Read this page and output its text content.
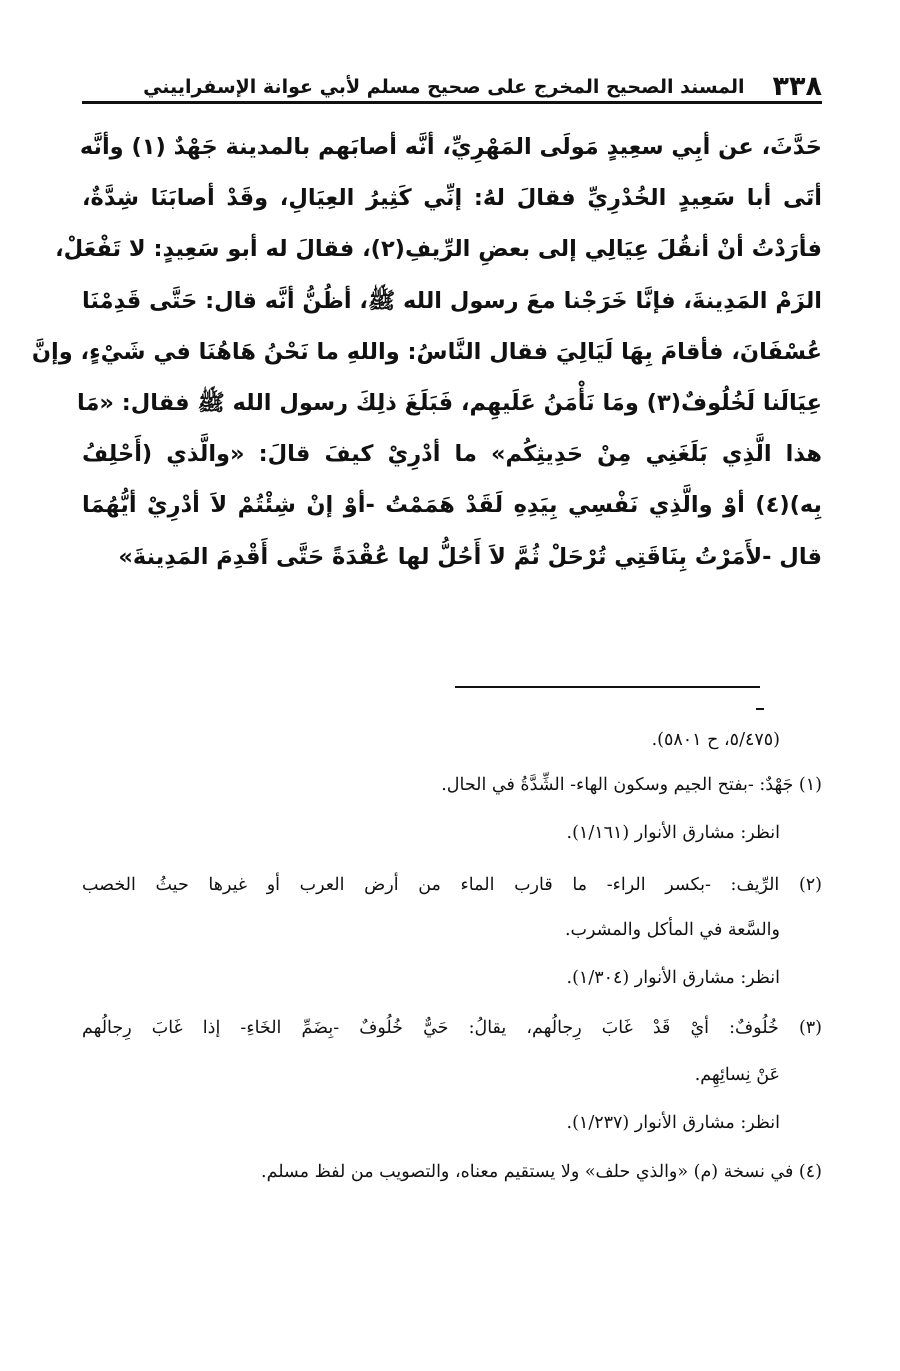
٣٣٨
المسند الصحيح المخرج على صحيح مسلم لأبي عوانة الإسفراييني
حَدَّثَ، عن أبِي سعِيدٍ مَولَى المَهْرِيِّ، أنَّه أصابَهم بالمدينة جَهْدٌ (١) وأنَّه
أتَى أبا سَعِيدٍ الخُدْرِيِّ فقالَ لهُ: إنِّي كَثِيرُ العِيَالِ، وقَدْ أصابَنَا شِدَّةٌ،
فأرَدْتُ أنْ أنقُلَ عِيَالِي إلى بعضِ الرِّيفِ(٢)، فقالَ له أبو سَعِيدٍ: لا تَفْعَلْ،
الزَمْ المَدِينةَ، فإنَّا خَرَجْنا معَ رسول الله ﷺ، أظُنُّ أنَّه قال: حَتَّى قَدِمْنَا
عُسْفَانَ، فأقامَ بِهَا لَيَالِيَ فقال النَّاسُ: واللهِ ما نَحْنُ هَاهُنَا في شَيْءٍ، وإنَّ
عِيَالَنا لَخُلُوفٌ(٣) ومَا نَأْمَنُ عَلَيهِم، فَبَلَغَ ذلِكَ رسول الله ﷺ فقال: «مَا
هذا الَّذِي بَلَغَنِي مِنْ حَدِيثِكُم» ما أدْرِيْ كيفَ قالَ: «والَّذي (أَحْلِفُ
بِه)(٤) أوْ والَّذِي نَفْسِي بِيَدِهِ لَقَدْ هَمَمْتُ -أوْ إنْ شِئْتُمْ لاَ أدْرِيْ أيُّهُمَا
قال -لأَمَرْتُ بِنَاقَتِي تُرْحَلْ ثُمَّ لاَ أَحُلُّ لها عُقْدَةً حَتَّى أَقْدِمَ المَدِينةَ»
(٥/٤٧٥، ح ٥٨٠١).
(١) جَهْدٌ: -بفتح الجيم وسكون الهاء- الشِّدَّةُ في الحال.
انظر: مشارق الأنوار (١/١٦١).
(٢) الرِّيف: -بكسر الراء- ما قارب الماء من أرض العرب أو غيرها حيثُ الخصب
والسَّعة في المأكل والمشرب.
انظر: مشارق الأنوار (١/٣٠٤).
(٣) خُلُوفٌ: أيْ قَدْ غَابَ رِجالُهم، يقالُ: حَيٌّ خُلُوفٌ -بِضَمِّ الخَاءِ- إذا غَابَ رِجالُهم
عَنْ نِسائِهِم.
انظر: مشارق الأنوار (١/٢٣٧).
(٤) في نسخة (م) «والذي حلف» ولا يستقيم معناه، والتصويب من لفظ مسلم.
